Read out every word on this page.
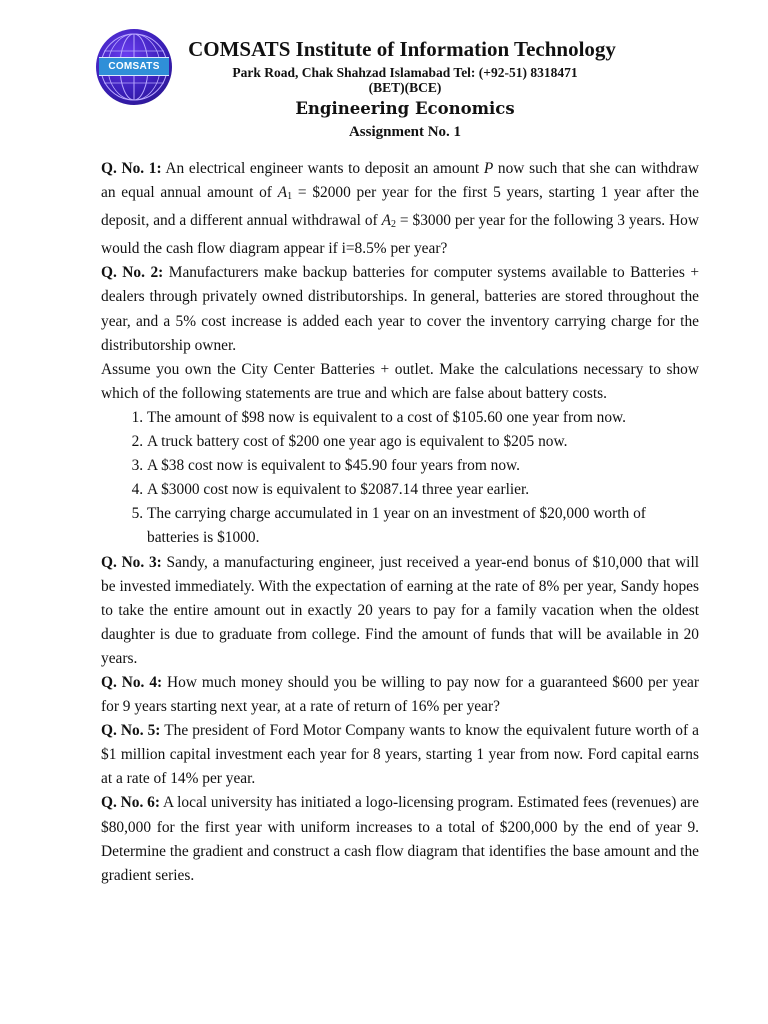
COMSATS
COMSATS Institute of Information Technology
Park Road, Chak Shahzad Islamabad Tel: (+92-51) 8318471
(BET)(BCE)
Engineering Economics
Assignment No. 1

Q. No. 1: An electrical engineer wants to deposit an amount P now such that she can withdraw an equal annual amount of $A_1$ = $2000 per year for the first 5 years, starting 1 year after the deposit, and a different annual withdrawal of $A_2$ = $3000 per year for the following 3 years. How would the cash flow diagram appear if i=8.5% per year?

Q. No. 2: Manufacturers make backup batteries for computer systems available to Batteries + dealers through privately owned distributorships. In general, batteries are stored throughout the year, and a 5% cost increase is added each year to cover the inventory carrying charge for the distributorship owner.

Assume you own the City Center Batteries + outlet. Make the calculations necessary to show which of the following statements are true and which are false about battery costs.

1. The amount of $98 now is equivalent to a cost of $105.60 one year from now.
2. A truck battery cost of $200 one year ago is equivalent to $205 now.
3. A $38 cost now is equivalent to $45.90 four years from now.
4. A $3000 cost now is equivalent to $2087.14 three year earlier.
5. The carrying charge accumulated in 1 year on an investment of $20,000 worth of batteries is $1000.

Q. No. 3: Sandy, a manufacturing engineer, just received a year-end bonus of $10,000 that will be invested immediately. With the expectation of earning at the rate of 8% per year, Sandy hopes to take the entire amount out in exactly 20 years to pay for a family vacation when the oldest daughter is due to graduate from college. Find the amount of funds that will be available in 20 years.

Q. No. 4: How much money should you be willing to pay now for a guaranteed $600 per year for 9 years starting next year, at a rate of return of 16% per year?

Q. No. 5: The president of Ford Motor Company wants to know the equivalent future worth of a $1 million capital investment each year for 8 years, starting 1 year from now. Ford capital earns at a rate of 14% per year.

Q. No. 6: A local university has initiated a logo-licensing program. Estimated fees (revenues) are $80,000 for the first year with uniform increases to a total of $200,000 by the end of year 9. Determine the gradient and construct a cash flow diagram that identifies the base amount and the gradient series.
